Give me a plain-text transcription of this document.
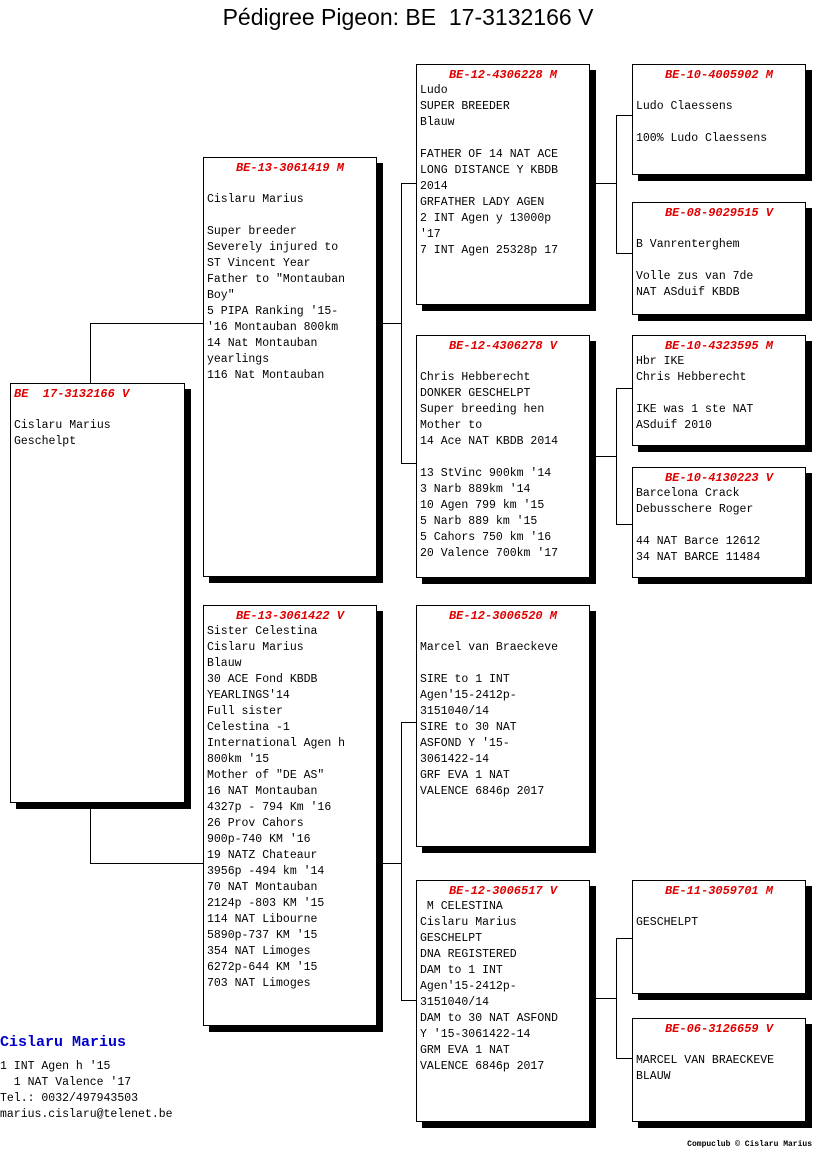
Pédigree Pigeon: BE  17-3132166 V
BE  17-3132166 V

Cislaru Marius
Geschelpt
BE-13-3061419 M

Cislaru Marius

Super breeder
Severely injured to
ST Vincent Year
Father to "Montauban
Boy"
5 PIPA Ranking '15-
'16 Montauban 800km
14 Nat Montauban
yearlings
116 Nat Montauban
BE-13-3061422 V
Sister Celestina
Cislaru Marius
Blauw
30 ACE Fond KBDB
YEARLINGS'14
Full sister
Celestina -1
International Agen h
800km '15
Mother of "DE AS"
16 NAT Montauban
4327p - 794 Km '16
26 Prov Cahors
900p-740 KM '16
19 NATZ Chateaur
3956p -494 km '14
70 NAT Montauban
2124p -803 KM '15
114 NAT Libourne
5890p-737 KM '15
354 NAT Limoges
6272p-644 KM '15
703 NAT Limoges
BE-12-4306228 M
Ludo
SUPER BREEDER
Blauw

FATHER OF 14 NAT ACE
LONG DISTANCE Y KBDB
2014
GRFATHER LADY AGEN
2 INT Agen y 13000p
'17
7 INT Agen 25328p 17
BE-12-4306278 V

Chris Hebberecht
DONKER GESCHELPT
Super breeding hen
Mother to
14 Ace NAT KBDB 2014

13 StVinc 900km '14
3 Narb 889km '14
10 Agen 799 km '15
5 Narb 889 km '15
5 Cahors 750 km '16
20 Valence 700km '17
BE-12-3006520 M

Marcel van Braeckeve

SIRE to 1 INT
Agen'15-2412p-
3151040/14
SIRE to 30 NAT
ASFOND Y '15-
3061422-14
GRF EVA 1 NAT
VALENCE 6846p 2017
BE-12-3006517 V
M CELESTINA
Cislaru Marius
GESCHELPT
DNA REGISTERED
DAM to 1 INT
Agen'15-2412p-
3151040/14
DAM to 30 NAT ASFOND
Y '15-3061422-14
GRM EVA 1 NAT
VALENCE 6846p 2017
BE-10-4005902 M

Ludo Claessens

100% Ludo Claessens
BE-08-9029515 V

B Vanrenterghem

Volle zus van 7de
NAT ASduif KBDB
BE-10-4323595 M
Hbr IKE
Chris Hebberecht

IKE was 1 ste NAT
ASduif 2010
BE-10-4130223 V
Barcelona Crack
Debusschere Roger

44 NAT Barce 12612
34 NAT BARCE 11484
BE-11-3059701 M

GESCHELPT
BE-06-3126659 V

MARCEL VAN BRAECKEVE
BLAUW
Cislaru Marius
1 INT Agen h '15
1 NAT Valence '17
Tel.: 0032/497943503
marius.cislaru@telenet.be
Compuclub © Cislaru Marius
